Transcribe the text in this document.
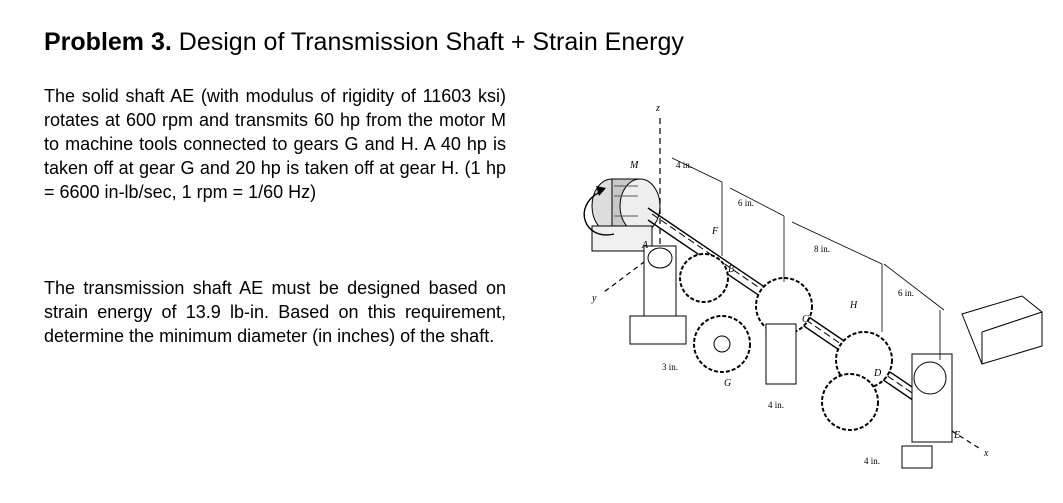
Problem 3. Design of Transmission Shaft + Strain Energy
The solid shaft AE (with modulus of rigidity of 11603 ksi) rotates at 600 rpm and transmits 60 hp from the motor M to machine tools connected to gears G and H. A 40 hp is taken off at gear G and 20 hp is taken off at gear H. (1 hp = 6600 in-lb/sec, 1 rpm = 1/60 Hz)
The transmission shaft AE must be designed based on strain energy of 13.9 lb-in. Based on this requirement, determine the minimum diameter (in inches) of the shaft.
z
y
x
M
A
F
B
G
C
H
D
E
4 in.
6 in.
8 in.
6 in.
3 in.
4 in.
4 in.
